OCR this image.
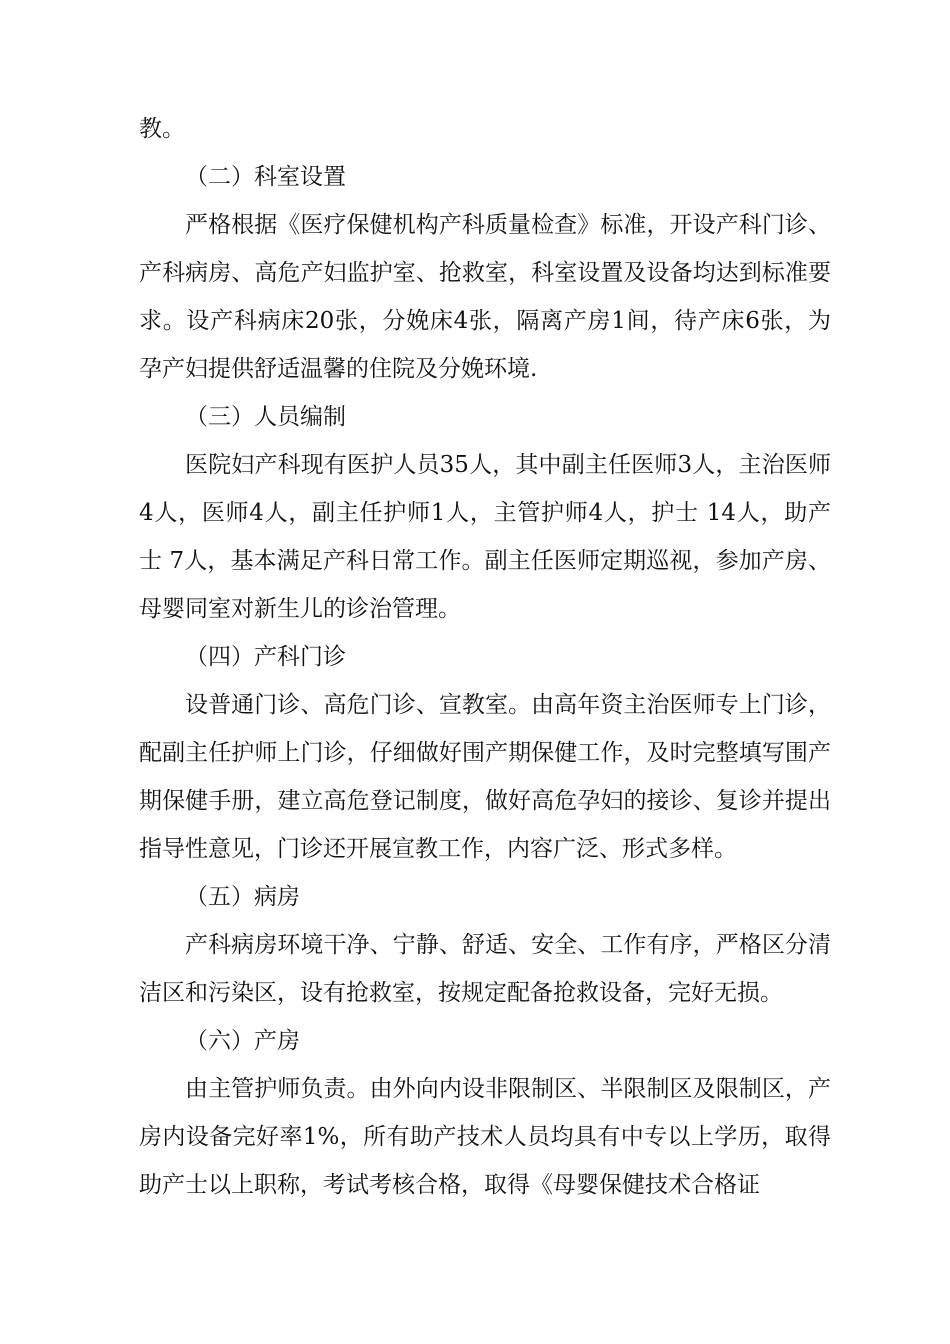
教。

（二）科室设置

严格根据《医疗保健机构产科质量检查》标准，开设产科门诊、产科病房、高危产妇监护室、抢救室，科室设置及设备均达到标准要求。设产科病床20张，分娩床4张，隔离产房1间，待产床6张，为孕产妇提供舒适温馨的住院及分娩环境.

（三）人员编制

医院妇产科现有医护人员35人，其中副主任医师3人，主治医师4人，医师4人，副主任护师1人，主管护师4人，护士 14人，助产士 7人，基本满足产科日常工作。副主任医师定期巡视，参加产房、母婴同室对新生儿的诊治管理。

（四）产科门诊

设普通门诊、高危门诊、宣教室。由高年资主治医师专上门诊，配副主任护师上门诊，仔细做好围产期保健工作，及时完整填写围产期保健手册，建立高危登记制度，做好高危孕妇的接诊、复诊并提出指导性意见，门诊还开展宣教工作，内容广泛、形式多样。

（五）病房

产科病房环境干净、宁静、舒适、安全、工作有序，严格区分清洁区和污染区，设有抢救室，按规定配备抢救设备，完好无损。

（六）产房

由主管护师负责。由外向内设非限制区、半限制区及限制区，产房内设备完好率1%，所有助产技术人员均具有中专以上学历，取得助产士以上职称，考试考核合格，取得《母婴保健技术合格证
